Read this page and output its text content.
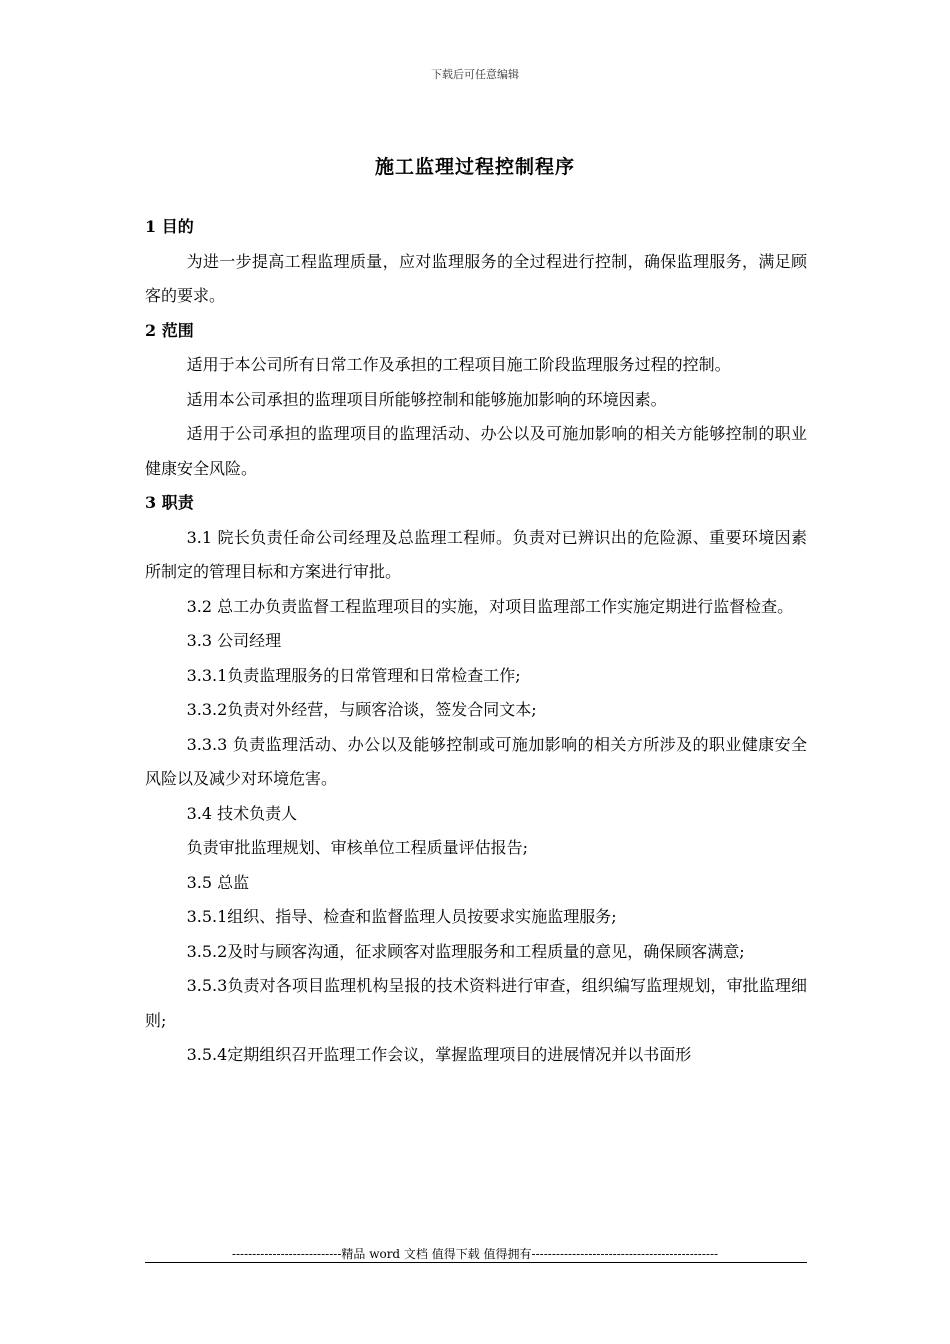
下载后可任意编辑
施工监理过程控制程序

1 目的

为进一步提高工程监理质量，应对监理服务的全过程进行控制，确保监理服务，满足顾客的要求。

2 范围

适用于本公司所有日常工作及承担的工程项目施工阶段监理服务过程的控制。

适用本公司承担的监理项目所能够控制和能够施加影响的环境因素。

适用于公司承担的监理项目的监理活动、办公以及可施加影响的相关方能够控制的职业健康安全风险。

3 职责

3.1 院长负责任命公司经理及总监理工程师。负责对已辨识出的危险源、重要环境因素所制定的管理目标和方案进行审批。

3.2 总工办负责监督工程监理项目的实施，对项目监理部工作实施定期进行监督检查。

3.3 公司经理

3.3.1负责监理服务的日常管理和日常检查工作;

3.3.2负责对外经营，与顾客洽谈，签发合同文本;

3.3.3 负责监理活动、办公以及能够控制或可施加影响的相关方所涉及的职业健康安全风险以及减少对环境危害。

3.4 技术负责人

负责审批监理规划、审核单位工程质量评估报告;

3.5 总监

3.5.1组织、指导、检查和监督监理人员按要求实施监理服务;

3.5.2及时与顾客沟通，征求顾客对监理服务和工程质量的意见，确保顾客满意;

3.5.3负责对各项目监理机构呈报的技术资料进行审查，组织编写监理规划，审批监理细则;

3.5.4定期组织召开监理工作会议，掌握监理项目的进展情况并以书面形

---------------------------精品 word 文档 值得下载 值得拥有----------------------------------------------
